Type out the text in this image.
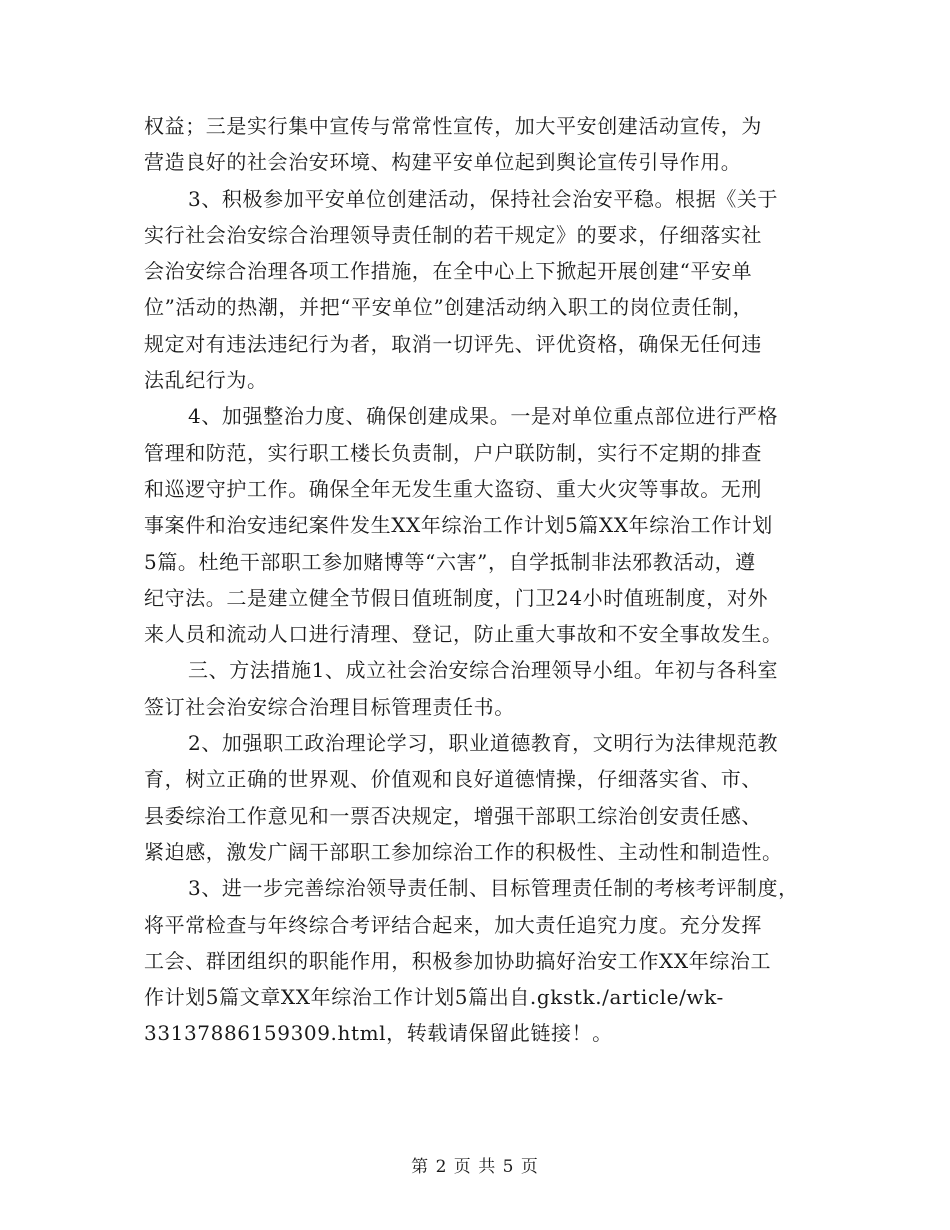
权益；三是实行集中宣传与常常性宣传，加大平安创建活动宣传，为
营造良好的社会治安环境、构建平安单位起到舆论宣传引导作用。
3、积极参加平安单位创建活动，保持社会治安平稳。根据《关于
实行社会治安综合治理领导责任制的若干规定》的要求，仔细落实社
会治安综合治理各项工作措施，在全中心上下掀起开展创建“平安单
位”活动的热潮，并把“平安单位”创建活动纳入职工的岗位责任制，
规定对有违法违纪行为者，取消一切评先、评优资格，确保无任何违
法乱纪行为。
4、加强整治力度、确保创建成果。一是对单位重点部位进行严格
管理和防范，实行职工楼长负责制，户户联防制，实行不定期的排查
和巡逻守护工作。确保全年无发生重大盗窃、重大火灾等事故。无刑
事案件和治安违纪案件发生XX年综治工作计划5篇XX年综治工作计划
5篇。杜绝干部职工参加赌博等“六害”，自学抵制非法邪教活动，遵
纪守法。二是建立健全节假日值班制度，门卫24小时值班制度，对外
来人员和流动人口进行清理、登记，防止重大事故和不安全事故发生。
三、方法措施1、成立社会治安综合治理领导小组。年初与各科室
签订社会治安综合治理目标管理责任书。
2、加强职工政治理论学习，职业道德教育，文明行为法律规范教
育，树立正确的世界观、价值观和良好道德情操，仔细落实省、市、
县委综治工作意见和一票否决规定，增强干部职工综治创安责任感、
紧迫感，激发广阔干部职工参加综治工作的积极性、主动性和制造性。
3、进一步完善综治领导责任制、目标管理责任制的考核考评制度，
将平常检查与年终综合考评结合起来，加大责任追究力度。充分发挥
工会、群团组织的职能作用，积极参加协助搞好治安工作XX年综治工
作计划5篇文章XX年综治工作计划5篇出自.gkstk./article/wk-
33137886159309.html，转载请保留此链接！。
第 2 页 共 5 页
